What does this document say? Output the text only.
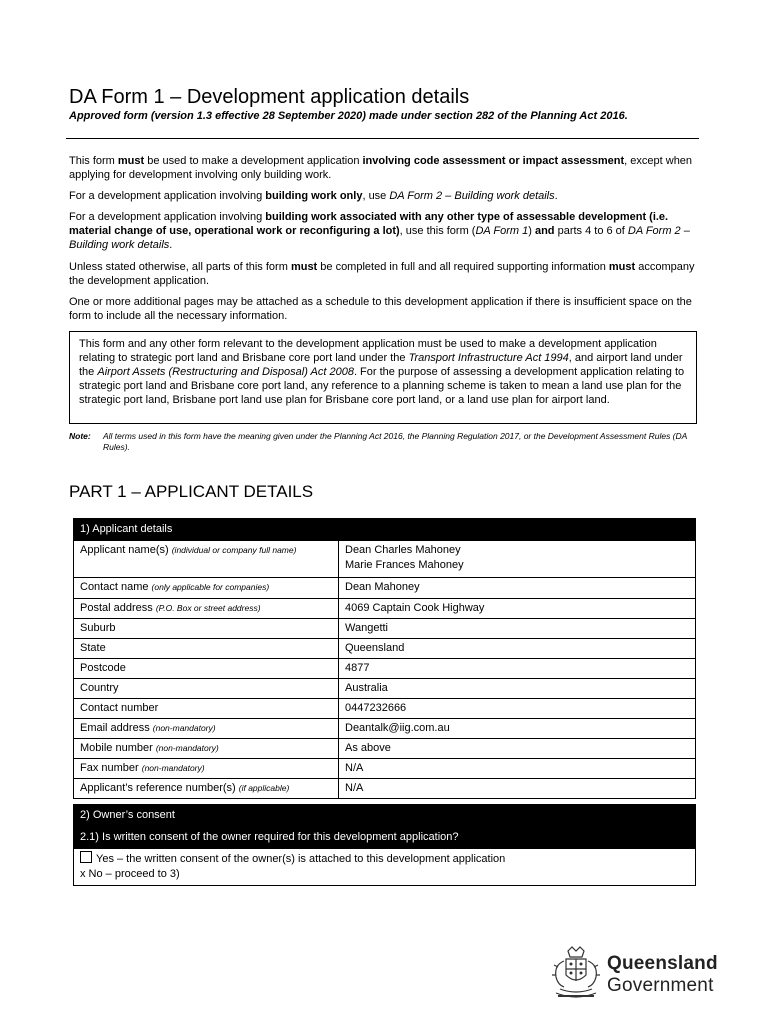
DA Form 1 – Development application details
Approved form (version 1.3 effective 28 September 2020) made under section 282 of the Planning Act 2016.
This form must be used to make a development application involving code assessment or impact assessment, except when applying for development involving only building work.
For a development application involving building work only, use DA Form 2 – Building work details.
For a development application involving building work associated with any other type of assessable development (i.e. material change of use, operational work or reconfiguring a lot), use this form (DA Form 1) and parts 4 to 6 of DA Form 2 – Building work details.
Unless stated otherwise, all parts of this form must be completed in full and all required supporting information must accompany the development application.
One or more additional pages may be attached as a schedule to this development application if there is insufficient space on the form to include all the necessary information.
This form and any other form relevant to the development application must be used to make a development application relating to strategic port land and Brisbane core port land under the Transport Infrastructure Act 1994, and airport land under the Airport Assets (Restructuring and Disposal) Act 2008. For the purpose of assessing a development application relating to strategic port land and Brisbane core port land, any reference to a planning scheme is taken to mean a land use plan for the strategic port land, Brisbane port land use plan for Brisbane core port land, or a land use plan for airport land.
Note: All terms used in this form have the meaning given under the Planning Act 2016, the Planning Regulation 2017, or the Development Assessment Rules (DA Rules).
PART 1 – APPLICANT DETAILS
1) Applicant details	
Applicant name(s) (individual or company full name)	Dean Charles Mahoney
Marie Frances Mahoney
Contact name (only applicable for companies)	Dean Mahoney
Postal address (P.O. Box or street address)	4069 Captain Cook Highway
Suburb	Wangetti
State	Queensland
Postcode	4877
Country	Australia
Contact number	0447232666
Email address (non-mandatory)	Deantalk@iig.com.au
Mobile number (non-mandatory)	As above
Fax number (non-mandatory)	N/A
Applicant’s reference number(s) (if applicable)	N/A
2) Owner’s consent
2.1) Is written consent of the owner required for this development application?

Yes – the written consent of the owner(s) is attached to this development application
x No – proceed to 3)
Queensland
Government
